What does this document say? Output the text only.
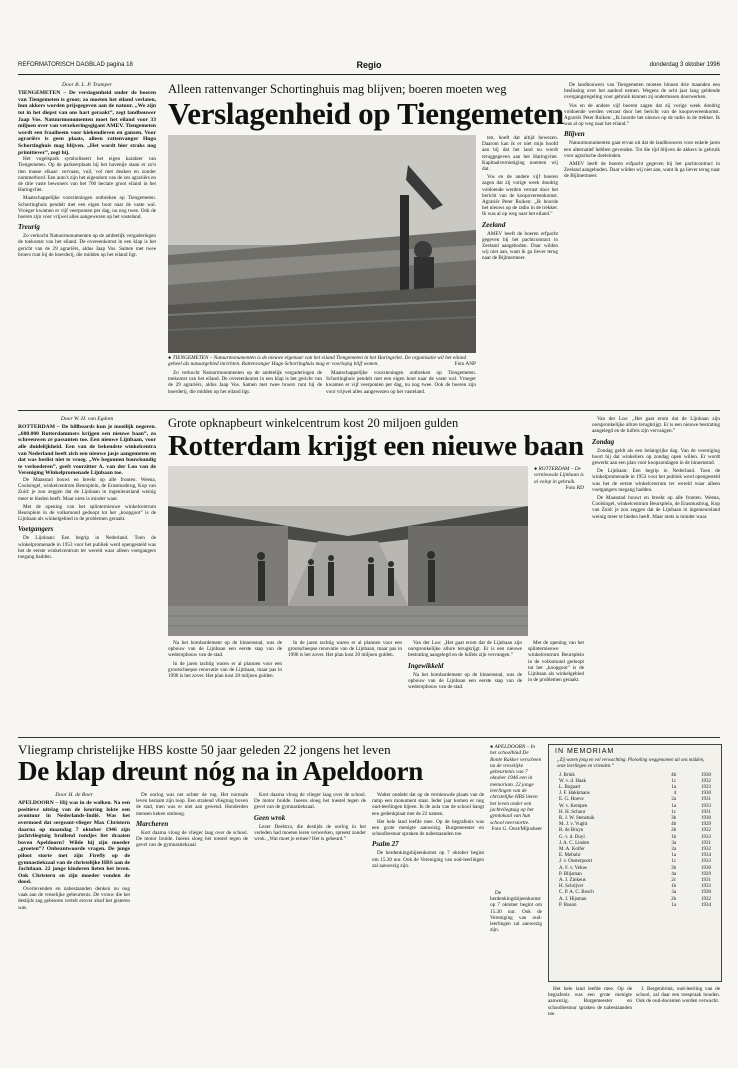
REFORMATORISCH DAGBLAD pagina 18	Regio	donderdag 3 oktober 1996
Door B. L. P. Tramper
TIENGEMETEN – De verslagenheid onder de boeren van Tiengemeten is groot; zo moeten het eiland verlaten, hun akkers worden prijsgegeven aan de natuur. „We zijn tot in het diepst van ons hart geraakt”, zegt landbouwer Jaap Vos. Natuurmonumenten moet het eiland voor 33 miljoen over van verzekeringsgigant AMEV. Tiengemeten wordt een fraaiheem voor kiekendieven en ganzen. Voor agrariërs is geen plaats, alleen rattenvanger Hugo Schortinghuis mag blijven. „Het wordt hier straks nog primitiever”, zegt hij.

Het vogelspark symboliseert het eigen karakter van Tiengemeten. Op de parkeerplaats bij het havenije staan er zo'n tien masse elkaar: vervaast, vuil, vol met deuken en zonder nummerbord. Een auto's zijn het eigendom van de zes agrariërs en de drie vaste bewoners van het 700 hectare groot eiland in het Haringvliet.

Maatschappelijke voorzieningen ontbreken op Tiengemeten. Schortinghuis pendelt met een eigen boot naar de vaste wal. Vroeger kwamen er vijf veerponten per dag, nu nog twee. Ook de boeren zijn voor vrijwel alles aangewezen op het vasteland.

Treurig

Zo verkocht Natuurmonumenten op de ambtelijk vergaderingen de toekomst van het eiland. De overeenkomst in een klap is het gericht van de 29 agrariërs, aldus Jaap Vos. Samen met twee broers runt hij de boerderij, die midden op het eiland ligt.

Alleen rattenvanger Schortinghuis mag blijven; boeren moeten weg
Verslagenheid op Tiengemeten
● TIENGEMETEN – Natuurmonumenten is de nieuwe eigenaar van het eiland Tiengemeten in het Haringvliet. De organisatie wil het eiland geheel als natuurgebied inrichten. Rattenvanger Hugo Schortinghuis mag er voorlopig blijf wonen.	Foto ANP

Zo verkocht Natuurmonumenten op de ambtelijk vergaderingen de toekomst van het eiland. De overeenkomst in een klap is het gericht van de 29 agrariërs, aldus Jaap Vos. Samen met twee broers runt hij de boerderij, die midden op het eiland ligt.

Maatschappelijke voorzieningen ontbreken op Tiengemeten. Schortinghuis pendelt met een eigen boot naar de vaste wal. Vroeger kwamen er vijf veerponten per dag, nu nog twee. Ook de boeren zijn voor vrijwel alles aangewezen op het vasteland.

ten, hoeft dat altijd bewezen. Daarom kan ik er niet mijn hoofd aan bij dat het land nu wordt teruggegeven aan het Haringvliet. Kapitaalvernietiging noemen wij dat.

Vos en de andere vijf boeren zagen dat zij vorige week dondrig voldoende werden verrast door het bericht van de koopovereenkomst. Agrariër Peter Ruiken: „Ik hoorde het nieuws op de radio in de trekker. Ik was al op weg naar het eiland.”

Zeeland

AMEV heeft de boeren erfpacht gegeven bij het pachtcontract in Zeeland aangeboden. Daar wilden wij niet aan, want ik ga liever terug naar de Bijlmermeer.

De landbouwers van Tiengemeten moeten binnen drie maanden een beslissing over het aanbod nemen. Wegens de acht jaar lang geldende overgangsregeling voor gebruik kunnen zij ondertussen doorwerken.

Vos en de andere vijf boeren zagen dat zij vorige week dondrig voldoende werden verrast door het bericht van de koopovereenkomst. Agrariër Peter Ruiken: „Ik hoorde het nieuws op de radio in de trekker. Ik was al op weg naar het eiland.”

Blijven

Natuurmonumenten gaat ervan uit dat de landbouwers voor enkele jaren een alternatief hebben gevonden. Tot die tijd blijven de akkers in gebruik voor agrarische doeleinden.

AMEV heeft de boeren erfpacht gegeven bij het pachtcontract in Zeeland aangeboden. Daar wilden wij niet aan, want ik ga liever terug naar de Bijlmermeer.

Door W. H. van Egdom
ROTTERDAM – De billboards kun je moeilijk negeren. „600.000 Rotterdammers krijgen een nieuwe baan”, zo schreeuwen ze passanten toe. Een nieuwe Lijnbaan, voor alle duidelijkheid. Een van de bekendste winkelcentra van Nederland heeft zich een nieuwe jasje aangemeten en dat was beslist niet te vroeg. „We begonnen bouwkundig te verloederen”, geeft voorzitter A. van der Loo van de Vereniging Winkelpromenade Lijnbaan toe.

De Maasstad bouwt en breekt op alle fronten. Weena, Coolsingel, winkelcentrum Beursplein, de Erasmusbrug, Kop van Zuid: je zou zeggen dat de Lijnbaan in ingenieursland weinig meer te bieden heeft. Maar niets is minder waar.

Met de opening van het splinternieuwe winkelcentrum Beursplein in de volksmond gedoopt tot het „koopgoot” is de Lijnbaan als winkelgebied in de problemen geraakt.

Voetgangers

De Lijnbaan: Een begrip in Nederland. Toen de winkelpromenade in 1953 voor het publiek werd opengesteld was het de eerste winkelcentrum ter wereld waar alleen voetgangers toegang hadden.

Grote opknapbeurt winkelcentrum kost 20 miljoen gulden
Rotterdam krijgt een nieuwe baan
● ROTTERDAM – De vernieuwde Lijnbaan is al volop in gebruik.
Foto RD

Na het bombardement op de binnenstad, was de opbouw van de Lijnbaan een eerste stap van de wederopbouw van de stad.

In de jaren tachtig waren er al plannen voor een grootscheepse renovatie van de Lijnbaan, maar pas in 1996 is het zover. Het plan kost 20 miljoen gulden.

In de jaren tachtig waren er al plannen voor een grootscheepse renovatie van de Lijnbaan, maar pas in 1996 is het zover. Het plan kost 20 miljoen gulden.

Van der Loo: „Het gaat erom dat de Lijnbaan zijn oorspronkelijke allure terugkrijgt. Er is een nieuwe bestrating aangelegd en de luifels zijn vervangen.”

Ingewikkeld

Na het bombardement op de binnenstad, was de opbouw van de Lijnbaan een eerste stap van de wederopbouw van de stad.

Met de opening van het splinternieuwe winkelcentrum Beursplein in de volksmond gedoopt tot het „koopgoot” is de Lijnbaan als winkelgebied in de problemen geraakt.

Van der Loo: „Het gaat erom dat de Lijnbaan zijn oorspronkelijke allure terugkrijgt. Er is een nieuwe bestrating aangelegd en de luifels zijn vervangen.”

Zondag

Zondag geldt als een belangrijke dag. Van de vereniging hoort hij dat winkeliers op zondag open willen. Er wordt gewerkt aan een plan voor koopzondagen in de binnenstad.

De Lijnbaan: Een begrip in Nederland. Toen de winkelpromenade in 1953 voor het publiek werd opengesteld was het de eerste winkelcentrum ter wereld waar alleen voetgangers toegang hadden.

De Maasstad bouwt en breekt op alle fronten. Weena, Coolsingel, winkelcentrum Beursplein, de Erasmusbrug, Kop van Zuid: je zou zeggen dat de Lijnbaan in ingenieursland weinig meer te bieden heeft. Maar niets is minder waar.

Vliegramp christelijke HBS kostte 50 jaar geleden 22 jongens het leven
De klap dreunt nóg na in Apeldoorn
Door H. de Boer
APELDOORN – Hij was in de wolken. Na een positieve uitslag van de keuring lokte een avontuur in Nederlands-Indië. Was het overmoed dat sergeant-vlieger Max Christern daarna op maandag 7 oktober 1946 zijn jachtvliegtuig brullend rondjes liet draaien boven Apeldoorn? Wilde hij zijn moeder „groeten”? Onbeantwoorde vragen. De jonge piloot storte met zijn Firefly op de gymnastiekzaal van de christelijke HBS aan de Jachtlaan. 22 jonge kinderen lieten het leven. Ook Christern en zijn moeder vonden de dood.

Overlevenden en nabestaanden denken nu nog vaak aan de vreselijke gebeurtenis. De vrouw die het destijds zag gebeuren vertelt erover alsof het gisteren was.

De oorlog was net achter de rug. Het normale leven hernam zijn loop. Een stralend vliegtuig boven de stad, men was er niet aan gewend. Honderden mensen keken omhoog.

Marcheren

Kort daarna vloog de vlieger laag over de school. De motor brulde. Ineens sloeg het toestel tegen de gevel van de gymnastiekzaal.

Kort daarna vloog de vlieger laag over de school. De motor brulde. Ineens sloeg het toestel tegen de gevel van de gymnastiekzaal.

Geen wrok

Lezer Deelstra, die destijds de oorlog in het verleden had moeten leren verwerken, spreekt zonder wrok. „Wat moet je ermee? Het is gebeurd.”

Walter ontdekt dat op de vernieuwde plaats van de ramp een monument staat. Ieder jaar komen er nog oud-leerlingen bijeen. In de aula van de school hangt een gedenkplaat met de 22 namen.

Het hele land leefde mee. Op de begrafenis was een grote menigte aanwezig. Burgemeester en schoolbestuur spraken de nabestaanden toe.

Psalm 27

De herdenkingsbijeenkomst op 7 oktober begint om 15.30 uur. Ook de Vereniging van oud-leerlingen zal aanwezig zijn.

● APELDOORN – In het schoolblad De Bonte Rakker verscheen na de vreselijke gebeurtenis van 7 oktober 1946 een in memoriam. 22 jonge leerlingen van de christelijke HBS lieten het leven onder een jachtvliegtuig op het gymlokaal van hun school neerstortte.
Foto G. Oost/Mijnsheer

De herdenkingsbijeenkomst op 7 oktober begint om 15.30 uur. Ook de Vereniging van oud-leerlingen zal aanwezig zijn.

IN MEMORIAM
„Zij waren jong en vol verwachting. Plotseling weggenomen uit ons midden, onze leerlingen en vrienden.”
J. Brink	4b	1930
W. v. d. Haak	1c	1932
L. Bogaart	1a	1933
J. F. Hakkmans	4	1930
E. G. Hoeve	2a	1931
W. v. Kempen	1a	1933
H. H. Schuur	1c	1931
R. J. W. Stenstuik	3b	1930
M. J. v. Vught	4b	1929
R. de Bruyn	2b	1932
G. v. d. Duyl	1b	1933
J. A. C. Linden	3a	1931
M. A. Kolfer	2a	1932
E. Mebuhr	1a	1934
J. v. Oosterpoort	1c	1933
A. F. v. Veluw	3b	1930
P. Blijsman	4a	1929
A. J. Zinkeus	2c	1931
H. Schrijver	1b	1933
C. P. A. C. Bosch	3a	1930
A. J. Hijsman	2b	1932
P. Ruson	1a	1934

Het hele land leefde mee. Op de begrafenis was een grote menigte aanwezig. Burgemeester en schoolbestuur spraken de nabestaanden toe.

J. Bergenbrink, oud-leerling van de school, zal daar een toespraak houden. Ook de oud-docenten worden verwacht.
